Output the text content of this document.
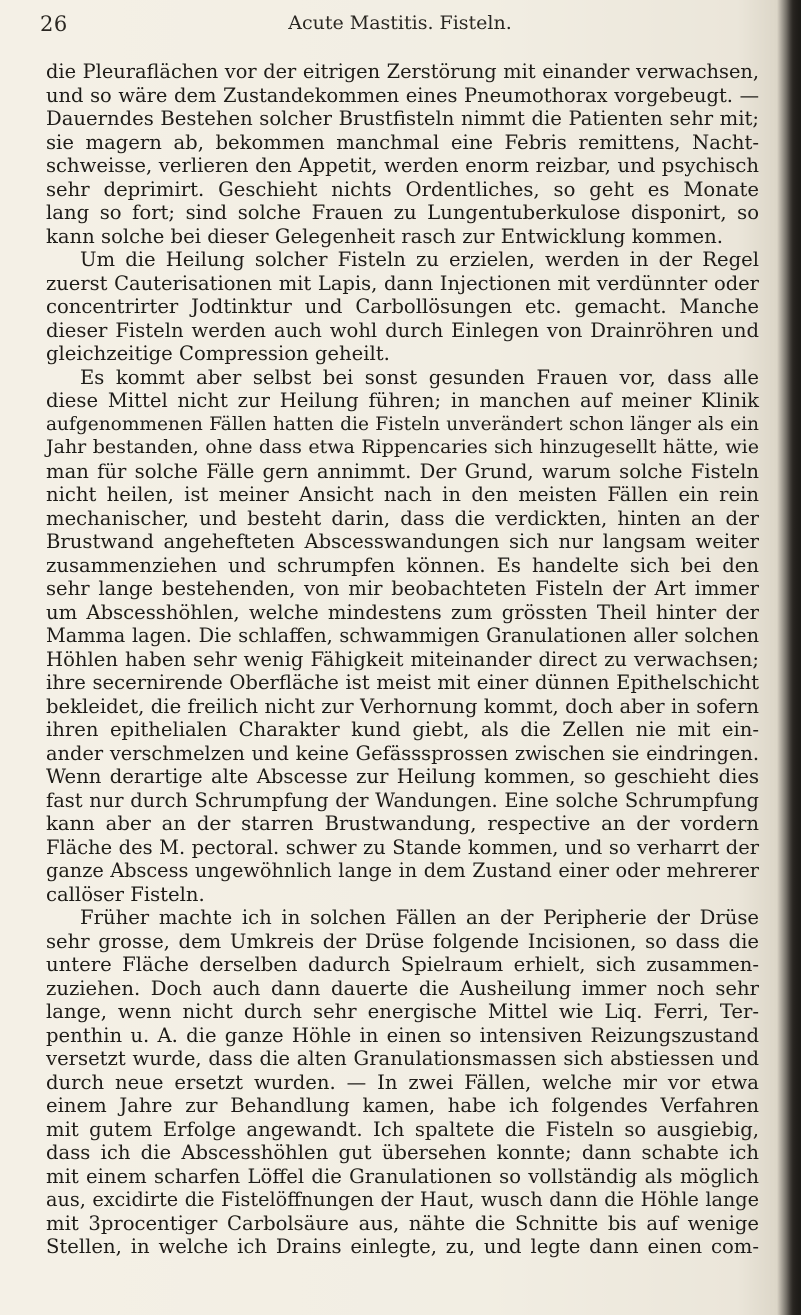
26	Acute Mastitis. Fisteln.

die Pleuraflächen vor der eitrigen Zerstörung mit einander verwachsen,
und so wäre dem Zustandekommen eines Pneumothorax vorgebeugt. —
Dauerndes Bestehen solcher Brustfisteln nimmt die Patienten sehr mit;
sie magern ab, bekommen manchmal eine Febris remittens, Nacht-
schweisse, verlieren den Appetit, werden enorm reizbar, und psychisch
sehr deprimirt. Geschieht nichts Ordentliches, so geht es Monate
lang so fort; sind solche Frauen zu Lungentuberkulose disponirt, so
kann solche bei dieser Gelegenheit rasch zur Entwicklung kommen.

Um die Heilung solcher Fisteln zu erzielen, werden in der Regel
zuerst Cauterisationen mit Lapis, dann Injectionen mit verdünnter oder
concentrirter Jodtinktur und Carbollösungen etc. gemacht. Manche
dieser Fisteln werden auch wohl durch Einlegen von Drainröhren und
gleichzeitige Compression geheilt.

Es kommt aber selbst bei sonst gesunden Frauen vor, dass alle
diese Mittel nicht zur Heilung führen; in manchen auf meiner Klinik
aufgenommenen Fällen hatten die Fisteln unverändert schon länger als ein
Jahr bestanden, ohne dass etwa Rippencaries sich hinzugesellt hätte, wie
man für solche Fälle gern annimmt. Der Grund, warum solche Fisteln
nicht heilen, ist meiner Ansicht nach in den meisten Fällen ein rein
mechanischer, und besteht darin, dass die verdickten, hinten an der
Brustwand angehefteten Abscesswandungen sich nur langsam weiter
zusammenziehen und schrumpfen können. Es handelte sich bei den
sehr lange bestehenden, von mir beobachteten Fisteln der Art immer
um Abscesshöhlen, welche mindestens zum grössten Theil hinter der
Mamma lagen. Die schlaffen, schwammigen Granulationen aller solchen
Höhlen haben sehr wenig Fähigkeit miteinander direct zu verwachsen;
ihre secernirende Oberfläche ist meist mit einer dünnen Epithelschicht
bekleidet, die freilich nicht zur Verhornung kommt, doch aber in sofern
ihren epithelialen Charakter kund giebt, als die Zellen nie mit ein-
ander verschmelzen und keine Gefässsprossen zwischen sie eindringen.
Wenn derartige alte Abscesse zur Heilung kommen, so geschieht dies
fast nur durch Schrumpfung der Wandungen. Eine solche Schrumpfung
kann aber an der starren Brustwandung, respective an der vordern
Fläche des M. pectoral. schwer zu Stande kommen, und so verharrt der
ganze Abscess ungewöhnlich lange in dem Zustand einer oder mehrerer
callöser Fisteln.

Früher machte ich in solchen Fällen an der Peripherie der Drüse
sehr grosse, dem Umkreis der Drüse folgende Incisionen, so dass die
untere Fläche derselben dadurch Spielraum erhielt, sich zusammen-
zuziehen. Doch auch dann dauerte die Ausheilung immer noch sehr
lange, wenn nicht durch sehr energische Mittel wie Liq. Ferri, Ter-
penthin u. A. die ganze Höhle in einen so intensiven Reizungszustand
versetzt wurde, dass die alten Granulationsmassen sich abstiessen und
durch neue ersetzt wurden. — In zwei Fällen, welche mir vor etwa
einem Jahre zur Behandlung kamen, habe ich folgendes Verfahren
mit gutem Erfolge angewandt. Ich spaltete die Fisteln so ausgiebig,
dass ich die Abscesshöhlen gut übersehen konnte; dann schabte ich
mit einem scharfen Löffel die Granulationen so vollständig als möglich
aus, excidirte die Fistelöffnungen der Haut, wusch dann die Höhle lange
mit 3procentiger Carbolsäure aus, nähte die Schnitte bis auf wenige
Stellen, in welche ich Drains einlegte, zu, und legte dann einen com-
